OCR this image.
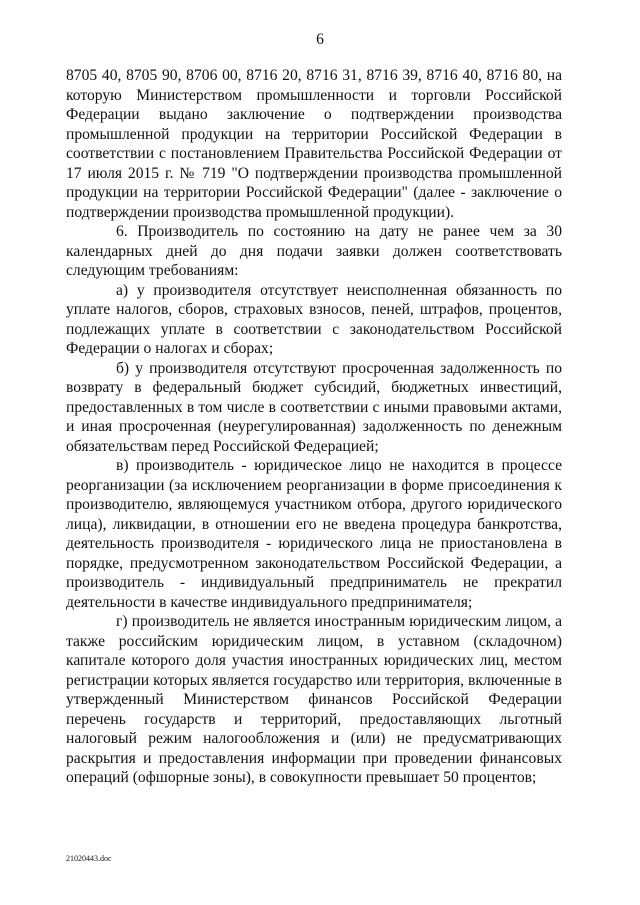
6

8705 40, 8705 90, 8706 00, 8716 20, 8716 31, 8716 39, 8716 40, 8716 80, на которую Министерством промышленности и торговли Российской Федерации выдано заключение о подтверждении производства промышленной продукции на территории Российской Федерации в соответствии с постановлением Правительства Российской Федерации от 17 июля 2015 г. № 719 "О подтверждении производства промышленной продукции на территории Российской Федерации" (далее - заключение о подтверждении производства промышленной продукции).

6. Производитель по состоянию на дату не ранее чем за 30 календарных дней до дня подачи заявки должен соответствовать следующим требованиям:

а) у производителя отсутствует неисполненная обязанность по уплате налогов, сборов, страховых взносов, пеней, штрафов, процентов, подлежащих уплате в соответствии с законодательством Российской Федерации о налогах и сборах;

б) у производителя отсутствуют просроченная задолженность по возврату в федеральный бюджет субсидий, бюджетных инвестиций, предоставленных в том числе в соответствии с иными правовыми актами, и иная просроченная (неурегулированная) задолженность по денежным обязательствам перед Российской Федерацией;

в) производитель - юридическое лицо не находится в процессе реорганизации (за исключением реорганизации в форме присоединения к производителю, являющемуся участником отбора, другого юридического лица), ликвидации, в отношении его не введена процедура банкротства, деятельность производителя - юридического лица не приостановлена в порядке, предусмотренном законодательством Российской Федерации, а производитель - индивидуальный предприниматель не прекратил деятельности в качестве индивидуального предпринимателя;

г) производитель не является иностранным юридическим лицом, а также российским юридическим лицом, в уставном (складочном) капитале которого доля участия иностранных юридических лиц, местом регистрации которых является государство или территория, включенные в утвержденный Министерством финансов Российской Федерации перечень государств и территорий, предоставляющих льготный налоговый режим налогообложения и (или) не предусматривающих раскрытия и предоставления информации при проведении финансовых операций (офшорные зоны), в совокупности превышает 50 процентов;

21020443.doc
